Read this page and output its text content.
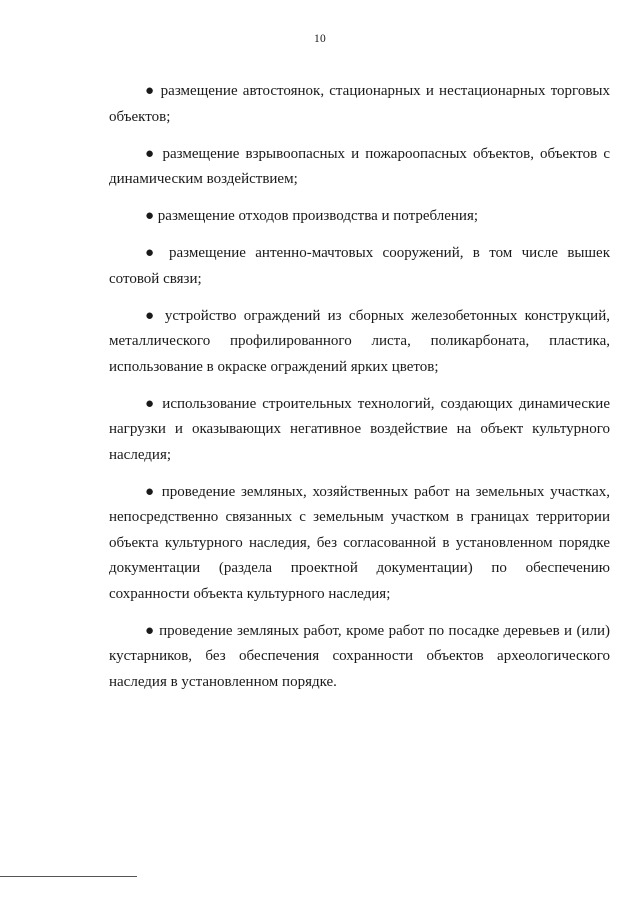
10

● размещение автостоянок, стационарных и нестационарных торговых объектов;

● размещение взрывоопасных и пожароопасных объектов, объектов с динамическим воздействием;

● размещение отходов производства и потребления;

● размещение антенно-мачтовых сооружений, в том числе вышек сотовой связи;

● устройство ограждений из сборных железобетонных конструкций, металлического профилированного листа, поликарбоната, пластика, использование в окраске ограждений ярких цветов;

● использование строительных технологий, создающих динамические нагрузки и оказывающих негативное воздействие на объект культурного наследия;

● проведение земляных, хозяйственных работ на земельных участках, непосредственно связанных с земельным участком в границах территории объекта культурного наследия, без согласованной в установленном порядке документации (раздела проектной документации) по обеспечению сохранности объекта культурного наследия;

● проведение земляных работ, кроме работ по посадке деревьев и (или) кустарников, без обеспечения сохранности объектов археологического наследия в установленном порядке.
